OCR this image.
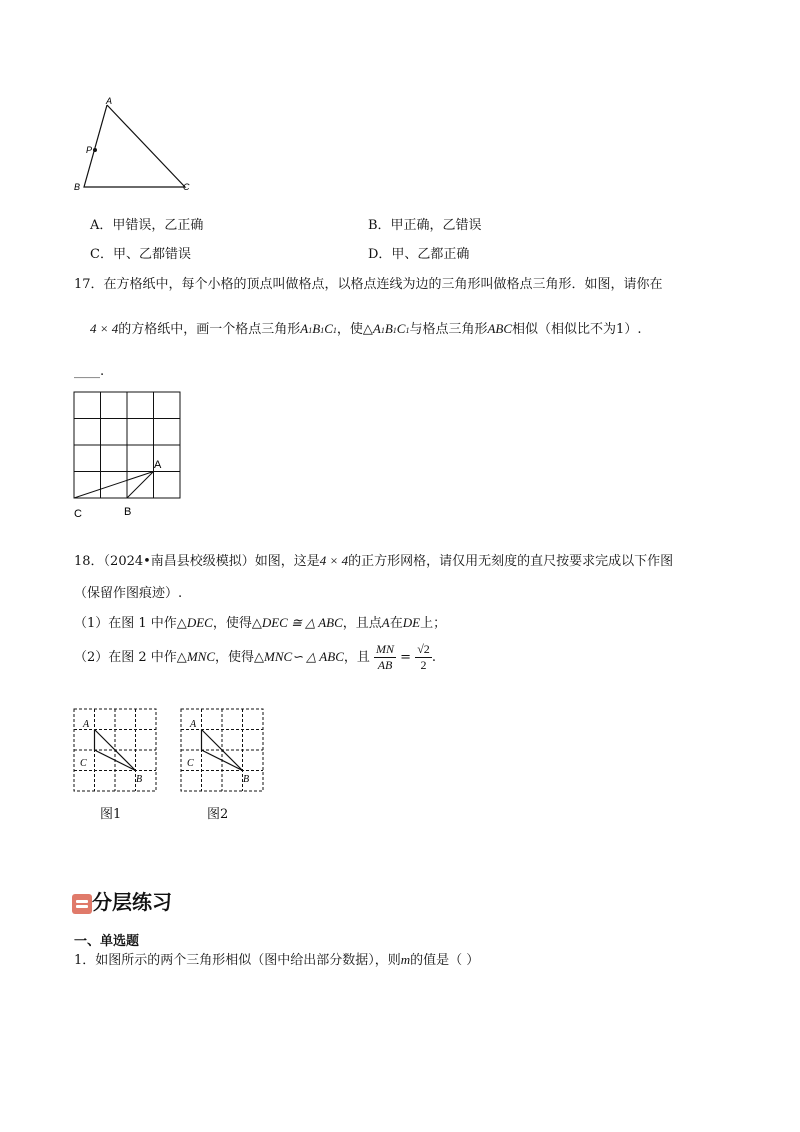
A
B	C
P
A．甲错误，乙正确	B．甲正确，乙错误
C．甲、乙都错误	D．甲、乙都正确
17．在方格纸中，每个小格的顶点叫做格点，以格点连线为边的三角形叫做格点三角形．如图，请你在
4 × 4的方格纸中，画一个格点三角形A1B1C1，使△A1B1C1与格点三角形ABC相似（相似比不为1）.
____.
A
C	B
18．（2024•南昌县校级模拟）如图，这是4 × 4的正方形网格，请仅用无刻度的直尺按要求完成以下作图
（保留作图痕迹）.
（1）在图 1 中作△DEC，使得△DEC ≅ △ ABC，且点A在DE上；
（2）在图 2 中作△MNC，使得△MNC∽ △ ABC，且 $\frac{MN}{AB} = \frac{√2}{2}$ .
A
C
B
A
C
B
图1	图2
分层练习
一、单选题
1．如图所示的两个三角形相似（图中给出部分数据），则m的值是（ ）
